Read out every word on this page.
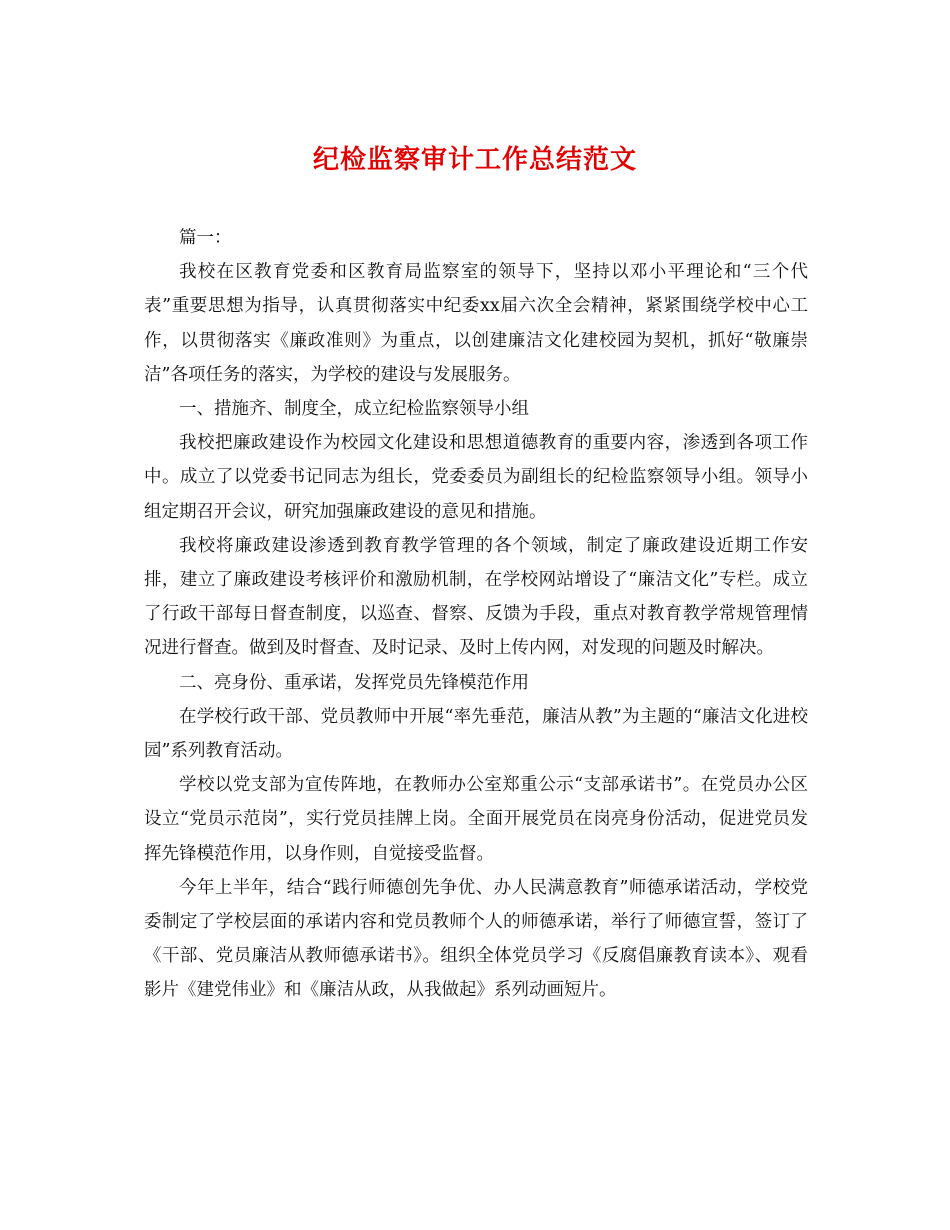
纪检监察审计工作总结范文

篇一：

我校在区教育党委和区教育局监察室的领导下，坚持以邓小平理论和“三个代表”重要思想为指导，认真贯彻落实中纪委xx届六次全会精神，紧紧围绕学校中心工作，以贯彻落实《廉政准则》为重点，以创建廉洁文化建校园为契机，抓好“敬廉崇洁”各项任务的落实，为学校的建设与发展服务。

一、措施齐、制度全，成立纪检监察领导小组

我校把廉政建设作为校园文化建设和思想道德教育的重要内容，渗透到各项工作中。成立了以党委书记同志为组长，党委委员为副组长的纪检监察领导小组。领导小组定期召开会议，研究加强廉政建设的意见和措施。

我校将廉政建设渗透到教育教学管理的各个领域，制定了廉政建设近期工作安排，建立了廉政建设考核评价和激励机制，在学校网站增设了“廉洁文化”专栏。成立了行政干部每日督查制度，以巡查、督察、反馈为手段，重点对教育教学常规管理情况进行督查。做到及时督查、及时记录、及时上传内网，对发现的问题及时解决。

二、亮身份、重承诺，发挥党员先锋模范作用

在学校行政干部、党员教师中开展“率先垂范，廉洁从教”为主题的“廉洁文化进校园”系列教育活动。

学校以党支部为宣传阵地，在教师办公室郑重公示“支部承诺书”。在党员办公区设立“党员示范岗”，实行党员挂牌上岗。全面开展党员在岗亮身份活动，促进党员发挥先锋模范作用，以身作则，自觉接受监督。

今年上半年，结合“践行师德创先争优、办人民满意教育”师德承诺活动，学校党委制定了学校层面的承诺内容和党员教师个人的师德承诺，举行了师德宣誓，签订了《干部、党员廉洁从教师德承诺书》。组织全体党员学习《反腐倡廉教育读本》、观看影片《建党伟业》和《廉洁从政，从我做起》系列动画短片。
